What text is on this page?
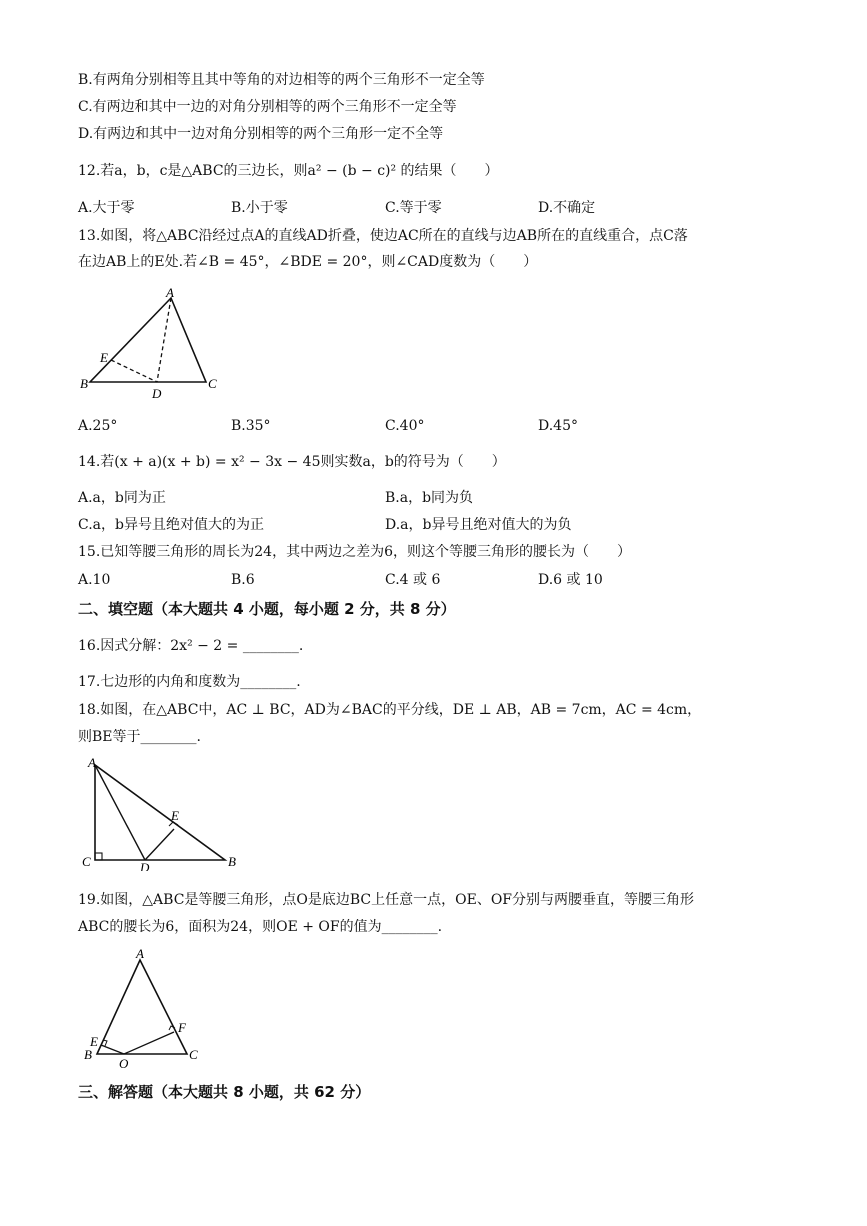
B.有两角分别相等且其中等角的对边相等的两个三角形不一定全等
C.有两边和其中一边的对角分别相等的两个三角形不一定全等
D.有两边和其中一边对角分别相等的两个三角形一定不全等
12.若a，b，c是△ABC的三边长，则a² − (b − c)² 的结果（　　）
A.大于零	B.小于零	C.等于零	D.不确定
13.如图，将△ABC沿经过点A的直线AD折叠，使边AC所在的直线与边AB所在的直线重合，点C落
在边AB上的E处.若∠B = 45°，∠BDE = 20°，则∠CAD度数为（　　）
A
B	C
D
E
A.25°	B.35°	C.40°	D.45°
14.若(x + a)(x + b) = x² − 3x − 45则实数a，b的符号为（　　）
A.a，b同为正	B.a，b同为负
C.a，b异号且绝对值大的为正	D.a，b异号且绝对值大的为负
15.已知等腰三角形的周长为24，其中两边之差为6，则这个等腰三角形的腰长为（　　）
A.10	B.6	C.4 或 6	D.6 或 10
二、填空题（本大题共 4 小题，每小题 2 分，共 8 分）
16.因式分解：2x² − 2 = ________.
17.七边形的内角和度数为________.
18.如图，在△ABC中，AC ⊥ BC，AD为∠BAC的平分线，DE ⊥ AB，AB = 7cm，AC = 4cm，
则BE等于________.
A
C	B
D
E
19.如图，△ABC是等腰三角形，点O是底边BC上任意一点，OE、OF分别与两腰垂直，等腰三角形
ABC的腰长为6，面积为24，则OE + OF的值为________.
A
B	C
E
F
O
三、解答题（本大题共 8 小题，共 62 分）
